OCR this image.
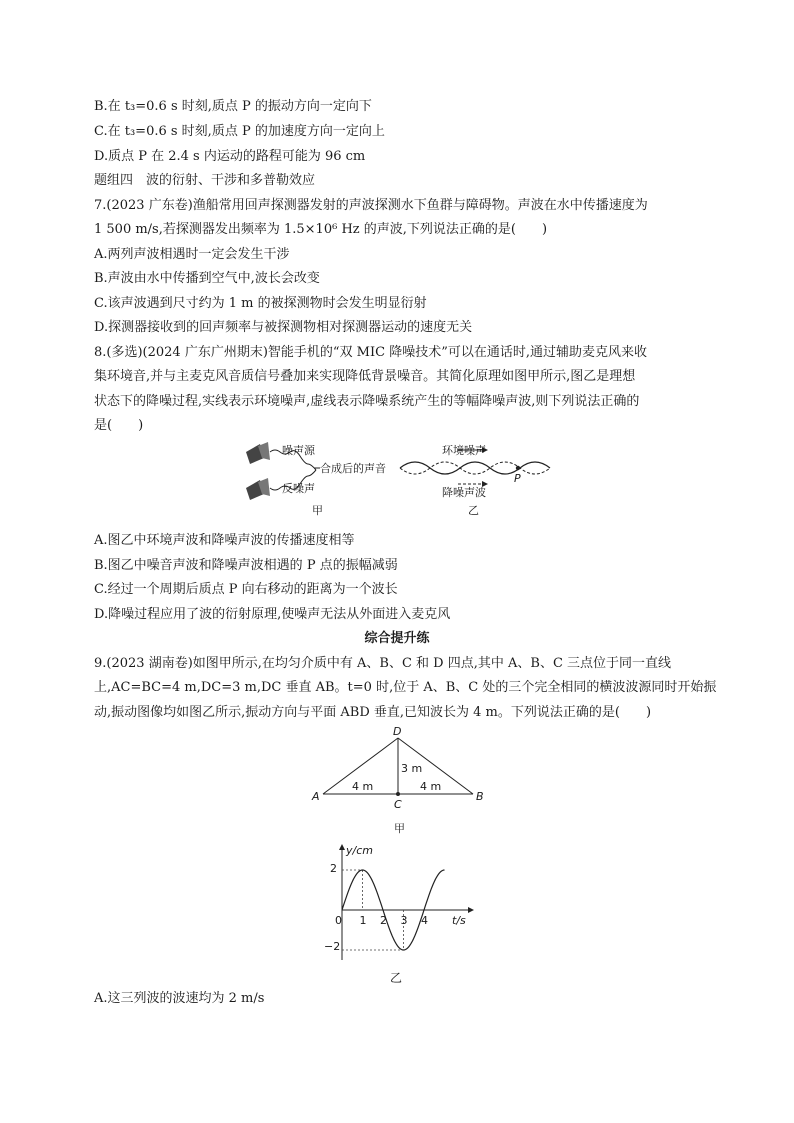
B.在 t₃=0.6 s 时刻,质点 P 的振动方向一定向下
C.在 t₃=0.6 s 时刻,质点 P 的加速度方向一定向上
D.质点 P 在 2.4 s 内运动的路程可能为 96 cm
题组四　波的衍射、干涉和多普勒效应
7.(2023 广东卷)渔船常用回声探测器发射的声波探测水下鱼群与障碍物。声波在水中传播速度为
1 500 m/s,若探测器发出频率为 1.5×10⁶ Hz 的声波,下列说法正确的是(　　)
A.两列声波相遇时一定会发生干涉
B.声波由水中传播到空气中,波长会改变
C.该声波遇到尺寸约为 1 m 的被探测物时会发生明显衍射
D.探测器接收到的回声频率与被探测物相对探测器运动的速度无关
8.(多选)(2024 广东广州期末)智能手机的“双 MIC 降噪技术”可以在通话时,通过辅助麦克风来收
集环境音,并与主麦克风音质信号叠加来实现降低背景噪音。其简化原理如图甲所示,图乙是理想
状态下的降噪过程,实线表示环境噪声,虚线表示降噪系统产生的等幅降噪声波,则下列说法正确的
是(　　)
噪声源
合成后的声音
反噪声
甲
环境噪声
降噪声波
P
乙
A.图乙中环境声波和降噪声波的传播速度相等
B.图乙中噪音声波和降噪声波相遇的 P 点的振幅减弱
C.经过一个周期后质点 P 向右移动的距离为一个波长
D.降噪过程应用了波的衍射原理,使噪声无法从外面进入麦克风
综合提升练
9.(2023 湖南卷)如图甲所示,在均匀介质中有 A、B、C 和 D 四点,其中 A、B、C 三点位于同一直线
上,AC=BC=4 m,DC=3 m,DC 垂直 AB。t=0 时,位于 A、B、C 处的三个完全相同的横波波源同时开始振
动,振动图像均如图乙所示,振动方向与平面 ABD 垂直,已知波长为 4 m。下列说法正确的是(　　)
D
A	B
C
4 m	4 m
3 m
甲
y/cm
t/s
2
−2
0 1 2 3 4
乙
A.这三列波的波速均为 2 m/s
